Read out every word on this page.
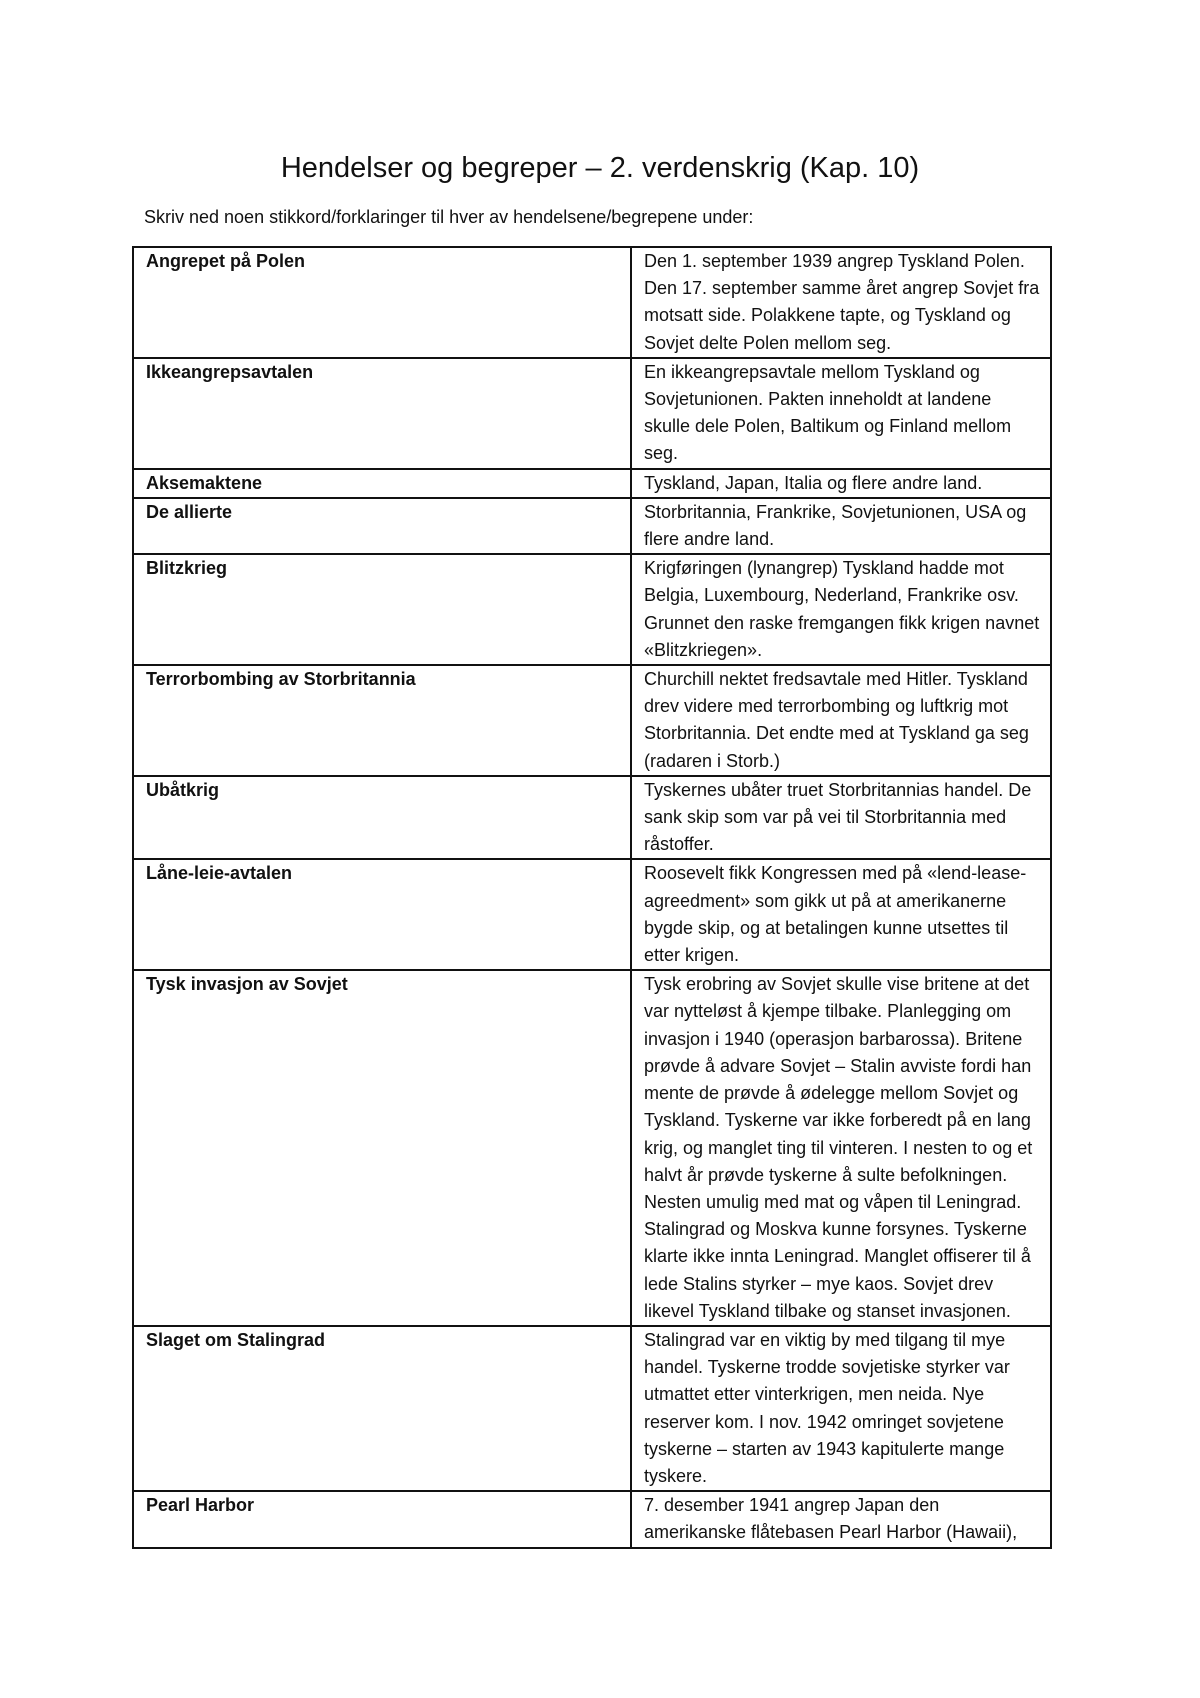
Hendelser og begreper – 2. verdenskrig (Kap. 10)

Skriv ned noen stikkord/forklaringer til hver av hendelsene/begrepene under:

Angrepet på Polen	Den 1. september 1939 angrep Tyskland Polen. Den 17. september samme året angrep Sovjet fra motsatt side. Polakkene tapte, og Tyskland og Sovjet delte Polen mellom seg.
Ikkeangrepsavtalen	En ikkeangrepsavtale mellom Tyskland og Sovjetunionen. Pakten inneholdt at landene skulle dele Polen, Baltikum og Finland mellom seg.
Aksemaktene	Tyskland, Japan, Italia og flere andre land.
De allierte	Storbritannia, Frankrike, Sovjetunionen, USA og flere andre land.
Blitzkrieg	Krigføringen (lynangrep) Tyskland hadde mot Belgia, Luxembourg, Nederland, Frankrike osv. Grunnet den raske fremgangen fikk krigen navnet «Blitzkriegen».
Terrorbombing av Storbritannia	Churchill nektet fredsavtale med Hitler. Tyskland drev videre med terrorbombing og luftkrig mot Storbritannia. Det endte med at Tyskland ga seg (radaren i Storb.)
Ubåtkrig	Tyskernes ubåter truet Storbritannias handel. De sank skip som var på vei til Storbritannia med råstoffer.
Låne-leie-avtalen	Roosevelt fikk Kongressen med på «lend-lease-agreedment» som gikk ut på at amerikanerne bygde skip, og at betalingen kunne utsettes til etter krigen.
Tysk invasjon av Sovjet	Tysk erobring av Sovjet skulle vise britene at det var nytteløst å kjempe tilbake. Planlegging om invasjon i 1940 (operasjon barbarossa). Britene prøvde å advare Sovjet – Stalin avviste fordi han mente de prøvde å ødelegge mellom Sovjet og Tyskland. Tyskerne var ikke forberedt på en lang krig, og manglet ting til vinteren. I nesten to og et halvt år prøvde tyskerne å sulte befolkningen. Nesten umulig med mat og våpen til Leningrad. Stalingrad og Moskva kunne forsynes. Tyskerne klarte ikke innta Leningrad. Manglet offiserer til å lede Stalins styrker – mye kaos. Sovjet drev likevel Tyskland tilbake og stanset invasjonen.
Slaget om Stalingrad	Stalingrad var en viktig by med tilgang til mye handel. Tyskerne trodde sovjetiske styrker var utmattet etter vinterkrigen, men neida. Nye reserver kom. I nov. 1942 omringet sovjetene tyskerne – starten av 1943 kapitulerte mange tyskere.
Pearl Harbor	7. desember 1941 angrep Japan den amerikanske flåtebasen Pearl Harbor (Hawaii),
